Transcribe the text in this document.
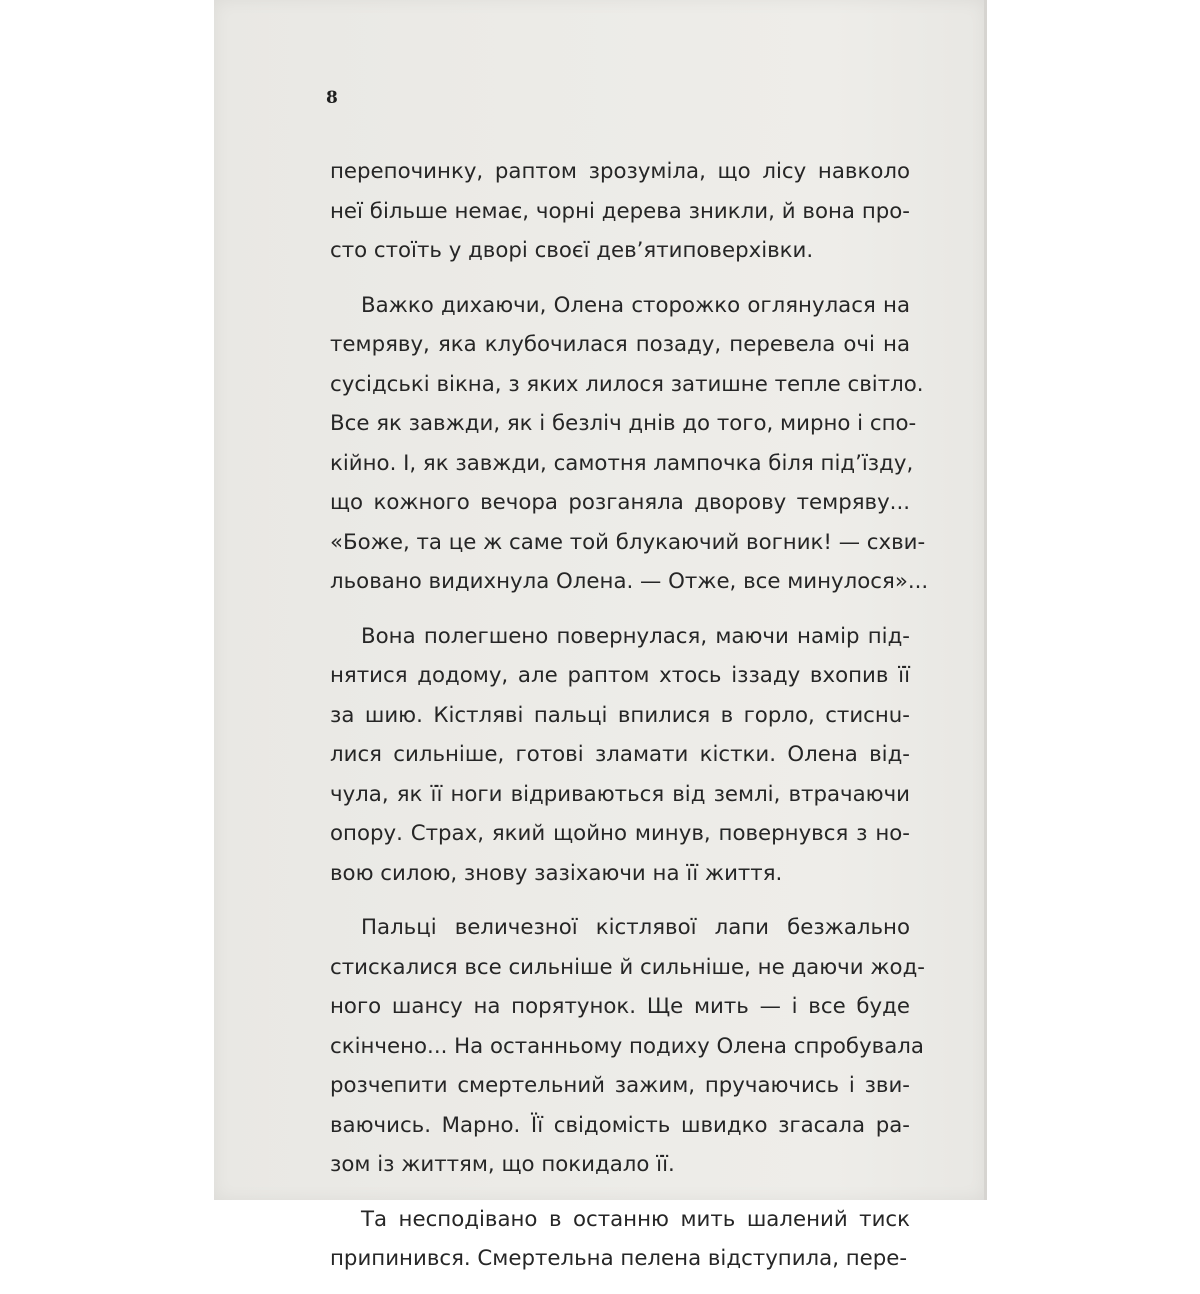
8
перепочинку, раптом зрозуміла, що лісу навколо
неї більше немає, чорні дерева зникли, й вона про-
сто стоїть у дворі своєї дев’ятиповерхівки.
Важко дихаючи, Олена сторожко оглянулася на
темряву, яка клубочилася позаду, перевела очі на
сусідські вікна, з яких лилося затишне тепле світло.
Все як завжди, як і безліч днів до того, мирно і спо-
кійно. І, як завжди, самотня лампочка біля під’їзду,
що кожного вечора розганяла дворову темряву...
«Боже, та це ж саме той блукаючий вогник! — схви-
льовано видихнула Олена. — Отже, все минулося»...
Вона полегшено повернулася, маючи намір під-
нятися додому, але раптом хтось іззаду вхопив її
за шию. Кістляві пальці впилися в горло, стиснu-
лися сильніше, готові зламати кістки. Олена від-
чула, як її ноги відриваються від землі, втрачаючи
опору. Страх, який щойно минув, повернувся з но-
вою силою, знову зазіхаючи на її життя.
Пальці величезної кістлявої лапи безжально
стискалися все сильніше й сильніше, не даючи жод-
ного шансу на порятунок. Ще мить — і все буде
скінчено... На останньому подиху Олена спробувала
розчепити смертельний зажим, пручаючись і зви-
ваючись. Марно. Її свідомість швидко згасала ра-
зом із життям, що покидало її.
Та несподівано в останню мить шалений тиск
припинився. Смертельна пелена відступила, пере-
